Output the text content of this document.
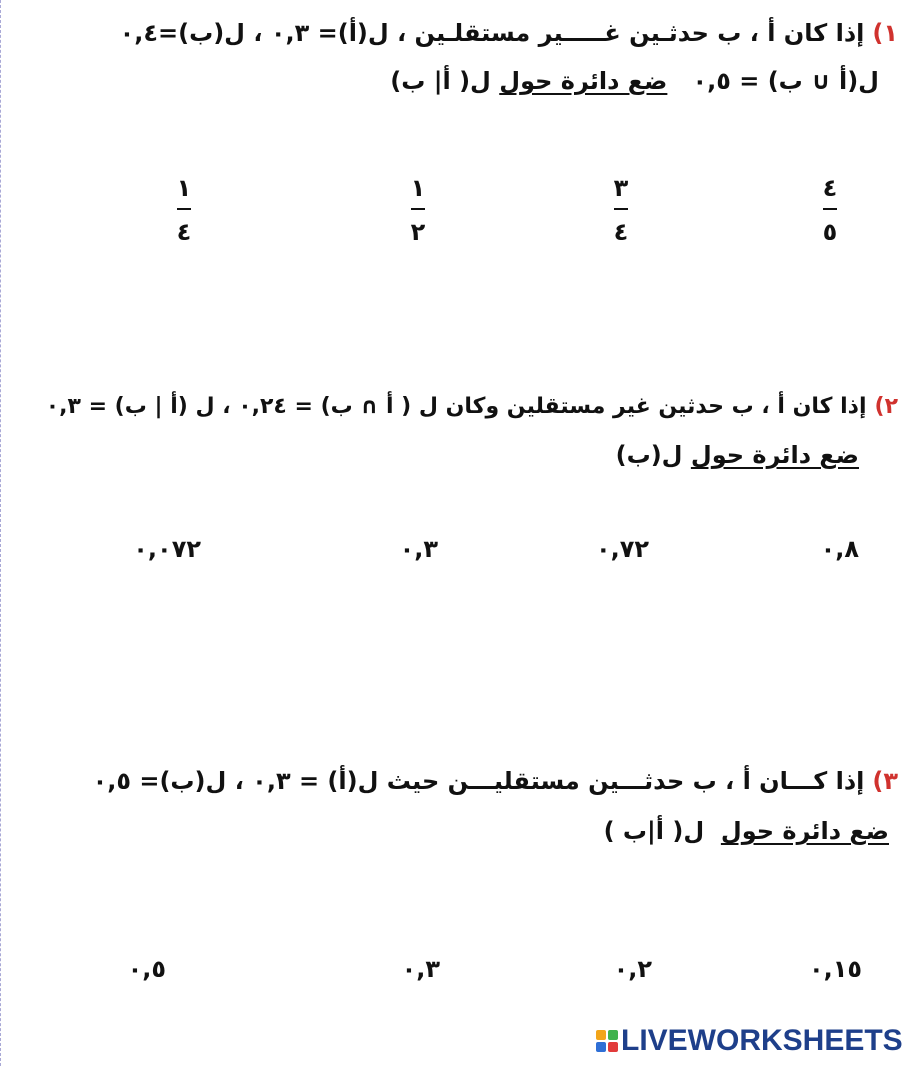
١)إذا كان أ ، ب حدثـين غـــــير مستقلـين ، ل(أ)= ٠,٣ ، ل(ب)=٠,٤
ل(أ ∪ ب) = ٠,٥   ضع دائرة حول ل( أ| ب)
٤
٥
٣
٤
١
٢
١
٤
٢)إذا كان أ ، ب حدثين غير مستقلين وكان ل ( أ ∩ ب) = ٠,٢٤ ، ل (أ | ب) = ٠,٣
ضع دائرة حول ل(ب)
٠,٨
٠,٧٢
٠,٣
٠,٠٧٢
٣)إذا كـــان أ ، ب حدثـــين مستقليـــن حيث ل(أ) = ٠,٣ ، ل(ب)= ٠,٥
ضع دائرة حول  ل( أ|ب )
٠,١٥
٠,٢
٠,٣
٠,٥
LIVEWORKSHEETS
